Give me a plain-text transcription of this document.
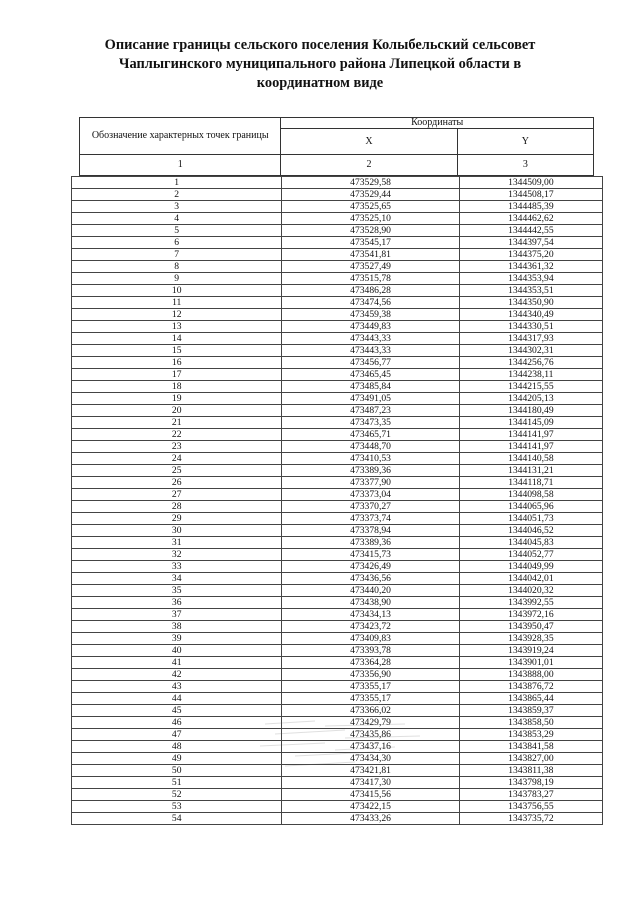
Описание границы сельского поселения Колыбельский сельсовет
Чаплыгинского муниципального района Липецкой области в
координатном виде
Обозначение характерных точек границы	Координаты	
	X	Y
1	2	3
1	473529,58	1344509,00
2	473529,44	1344508,17
3	473525,65	1344485,39
4	473525,10	1344462,62
5	473528,90	1344442,55
6	473545,17	1344397,54
7	473541,81	1344375,20
8	473527,49	1344361,32
9	473515,78	1344353,94
10	473486,28	1344353,51
11	473474,56	1344350,90
12	473459,38	1344340,49
13	473449,83	1344330,51
14	473443,33	1344317,93
15	473443,33	1344302,31
16	473456,77	1344256,76
17	473465,45	1344238,11
18	473485,84	1344215,55
19	473491,05	1344205,13
20	473487,23	1344180,49
21	473473,35	1344145,09
22	473465,71	1344141,97
23	473448,70	1344141,97
24	473410,53	1344140,58
25	473389,36	1344131,21
26	473377,90	1344118,71
27	473373,04	1344098,58
28	473370,27	1344065,96
29	473373,74	1344051,73
30	473378,94	1344046,52
31	473389,36	1344045,83
32	473415,73	1344052,77
33	473426,49	1344049,99
34	473436,56	1344042,01
35	473440,20	1344020,32
36	473438,90	1343992,55
37	473434,13	1343972,16
38	473423,72	1343950,47
39	473409,83	1343928,35
40	473393,78	1343919,24
41	473364,28	1343901,01
42	473356,90	1343888,00
43	473355,17	1343876,72
44	473355,17	1343865,44
45	473366,02	1343859,37
46	473429,79	1343858,50
47	473435,86	1343853,29
48	473437,16	1343841,58
49	473434,30	1343827,00
50	473421,81	1343811,38
51	473417,30	1343798,19
52	473415,56	1343783,27
53	473422,15	1343756,55
54	473433,26	1343735,72
